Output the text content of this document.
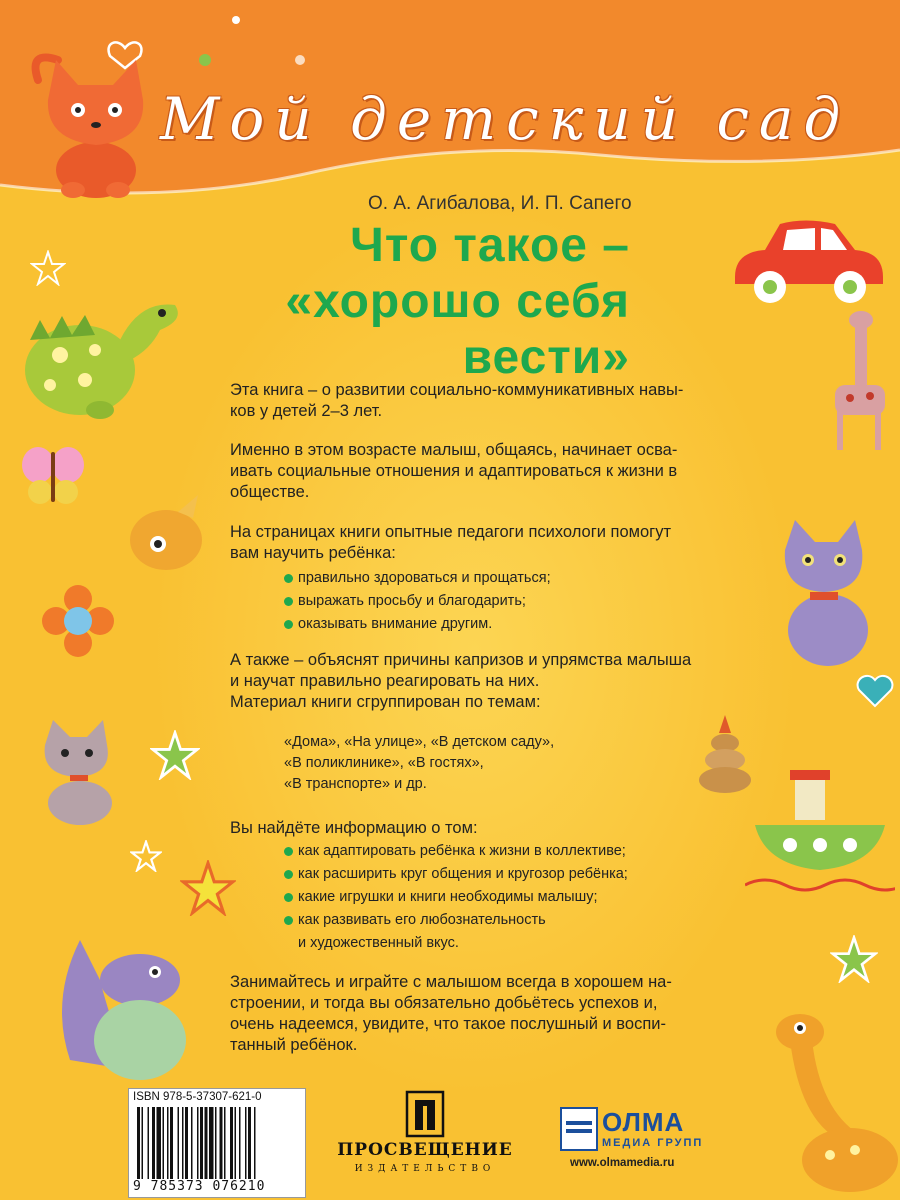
Мой детский сад
О. А. Агибалова, И. П. Сапего
Что такое –
«хорошо себя
вести»
Эта книга – о развитии социально-коммуникативных навы-
ков у детей 2–3 лет.
Именно в этом возрасте малыш, общаясь, начинает осва-
ивать социальные отношения и адаптироваться к жизни в
обществе.
На страницах книги опытные педагоги психологи помогут
вам научить ребёнка:
правильно здороваться и прощаться;
выражать просьбу и благодарить;
оказывать внимание другим.
А также – объяснят причины капризов и упрямства малыша
и научат правильно реагировать на них.
Материал книги сгруппирован по темам:
«Дома», «На улице», «В детском саду»,
«В поликлинике», «В гостях»,
«В транспорте» и др.
Вы найдёте информацию о том:
как адаптировать ребёнка к жизни в коллективе;
как расширить круг общения и кругозор ребёнка;
какие игрушки и книги необходимы малышу;
как развивать его любознательность
и художественный вкус.
Занимайтесь и играйте с малышом всегда в хорошем на-
строении, и тогда вы обязательно добьётесь успехов и,
очень надеемся, увидите, что такое послушный и воспи-
танный ребёнок.
ISBN 978-5-37307-621-0
9 785373 076210
ПРОСВЕЩЕНИЕ
ИЗДАТЕЛЬСТВО
ОЛМА
МЕДИА ГРУПП
www.olmamedia.ru
